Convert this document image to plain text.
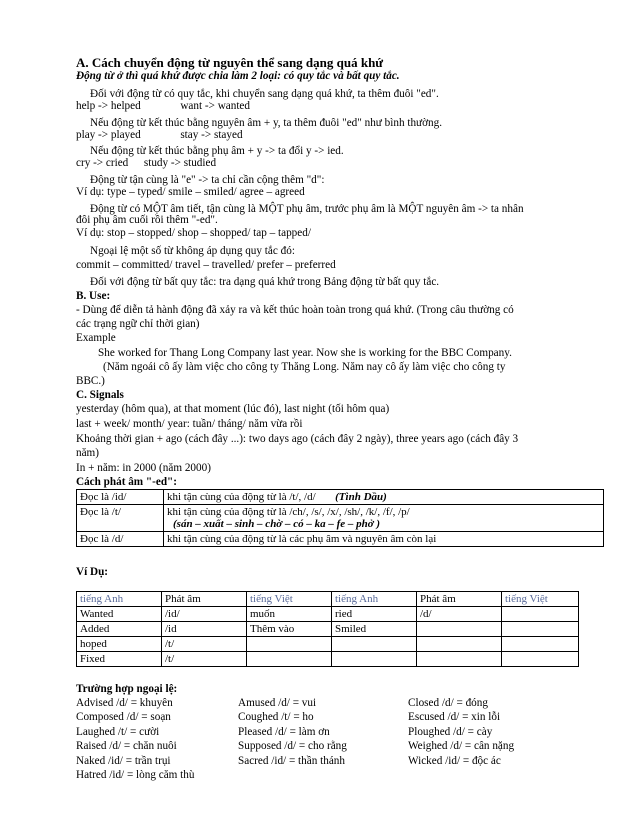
A. Cách chuyển động từ nguyên thể sang dạng quá khứ
Động từ ở thì quá khứ được chia làm 2 loại: có quy tắc và bất quy tắc.
Đối với động từ có quy tắc, khi chuyển sang dạng quá khứ, ta thêm đuôi "ed".
help -> helped	want -> wanted
Nếu động từ kết thúc bằng nguyên âm + y, ta thêm đuôi "ed" như bình thường.
play -> played	stay -> stayed
Nếu động từ kết thúc bằng phụ âm + y -> ta đổi y -> ied.
cry -> cried study -> studied
Động từ tận cùng là "e" -> ta chỉ cần cộng thêm "d":
Ví dụ: type – typed/ smile – smiled/ agree – agreed
Động từ có MỘT âm tiết, tận cùng là MỘT phụ âm, trước phụ âm là MỘT nguyên âm -> ta nhân
đôi phụ âm cuối rồi thêm "-ed".
Ví dụ: stop – stopped/ shop – shopped/ tap – tapped/
Ngoại lệ một số từ không áp dụng quy tắc đó:
commit – committed/ travel – travelled/ prefer – preferred
Đối với động từ bất quy tắc: tra dạng quá khứ trong Bảng động từ bất quy tắc.
B. Use:
- Dùng để diễn tả hành động đã xảy ra và kết thúc hoàn toàn trong quá khứ. (Trong câu thường có
các trạng ngữ chỉ thời gian)
Example
She worked for Thang Long Company last year. Now she is working for the BBC Company.
(Năm ngoái cô ấy làm việc cho công ty Thăng Long. Năm nay cô ấy làm việc cho công ty
BBC.)
C. Signals
yesterday (hôm qua), at that moment (lúc đó), last night (tối hôm qua)
last + week/ month/ year: tuần/ tháng/ năm vừa rồi
Khoảng thời gian + ago (cách đây ...): two days ago (cách đây 2 ngày), three years ago (cách đây 3
năm)
In + năm: in 2000 (năm 2000)
Cách phát âm "-ed":
Đọc là /id/	khi tận cùng của động từ là /t/, /d/ (Tình Dầu)
Đọc là /t/	khi tận cùng của động từ là /ch/, /s/, /x/, /sh/, /k/, /f/, /p/
(sán – xuất – sinh – chờ – có – ka – fe – phở )

Đọc là /d/	khi tận cùng của động từ là các phụ âm và nguyên âm còn lại
Ví Dụ:
tiếng Anh	Phát âm	tiếng Việt	tiếng Anh	Phát âm	tiếng Việt
Wanted	/id/	muốn	ried	/d/	
Added	/id	Thêm vào	Smiled		
hoped	/t/				
Fixed	/t/				
Trường hợp ngoại lệ:
Advised /d/ = khuyên
Composed /d/ = soạn
Laughed /t/ = cười
Raised /d/ = chăn nuôi
Naked /id/ = trần trụi
Hatred /id/ = lòng căm thù
Amused /d/ = vui
Coughed /t/ = ho
Pleased /d/ = làm ơn
Supposed /d/ = cho rằng
Sacred /id/ = thần thánh
Closed /d/ = đóng
Escused /d/ = xin lỗi
Ploughed /d/ = cày
Weighed /d/ = cân nặng
Wicked /id/ = độc ác
